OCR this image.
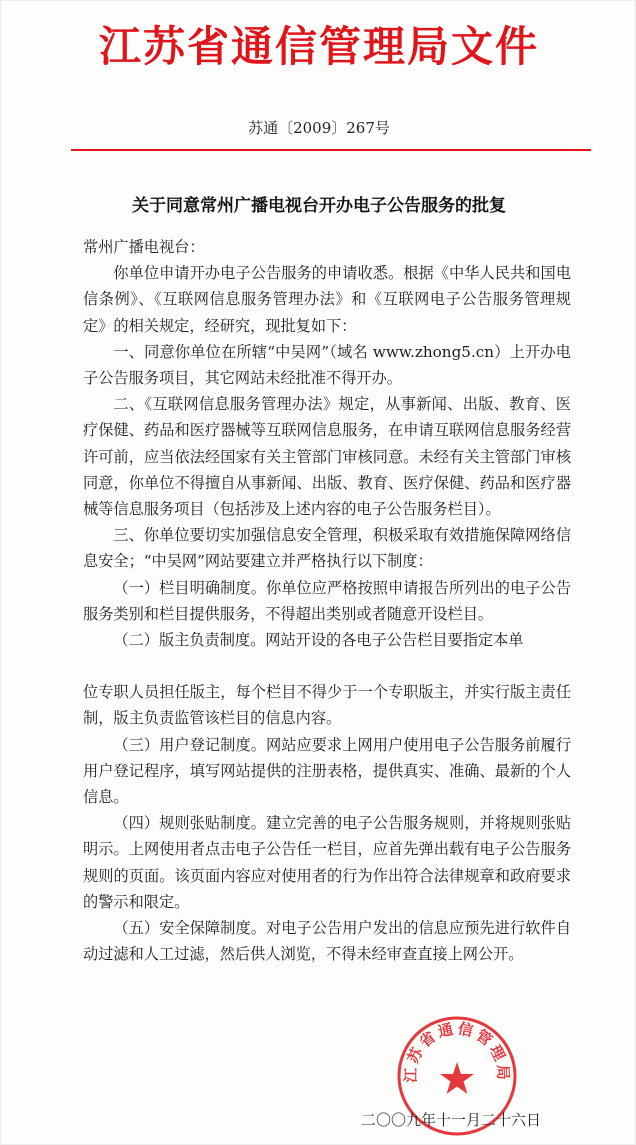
江苏省通信管理局文件
苏通〔2009〕267号
关于同意常州广播电视台开办电子公告服务的批复

常州广播电视台：

你单位申请开办电子公告服务的申请收悉。根据《中华人民共和国电信条例》、《互联网信息服务管理办法》和《互联网电子公告服务管理规定》的相关规定，经研究，现批复如下：

一、同意你单位在所辖“中吴网”（域名 www.zhong5.cn）上开办电子公告服务项目，其它网站未经批准不得开办。

二、《互联网信息服务管理办法》规定，从事新闻、出版、教育、医疗保健、药品和医疗器械等互联网信息服务，在申请互联网信息服务经营许可前，应当依法经国家有关主管部门审核同意。未经有关主管部门审核同意，你单位不得擅自从事新闻、出版、教育、医疗保健、药品和医疗器械等信息服务项目（包括涉及上述内容的电子公告服务栏目）。

三、你单位要切实加强信息安全管理，积极采取有效措施保障网络信息安全；“中吴网”网站要建立并严格执行以下制度：

（一）栏目明确制度。你单位应严格按照申请报告所列出的电子公告服务类别和栏目提供服务，不得超出类别或者随意开设栏目。

（二）版主负责制度。网站开设的各电子公告栏目要指定本单

位专职人员担任版主，每个栏目不得少于一个专职版主，并实行版主责任制，版主负责监管该栏目的信息内容。

（三）用户登记制度。网站应要求上网用户使用电子公告服务前履行用户登记程序，填写网站提供的注册表格，提供真实、准确、最新的个人信息。

（四）规则张贴制度。建立完善的电子公告服务规则，并将规则张贴明示。上网使用者点击电子公告任一栏目，应首先弹出载有电子公告服务规则的页面。该页面内容应对使用者的行为作出符合法律规章和政府要求的警示和限定。

（五）安全保障制度。对电子公告用户发出的信息应预先进行软件自动过滤和人工过滤，然后供人浏览，不得未经审查直接上网公开。

江苏省通信管理局
二〇〇九年十一月二十六日
